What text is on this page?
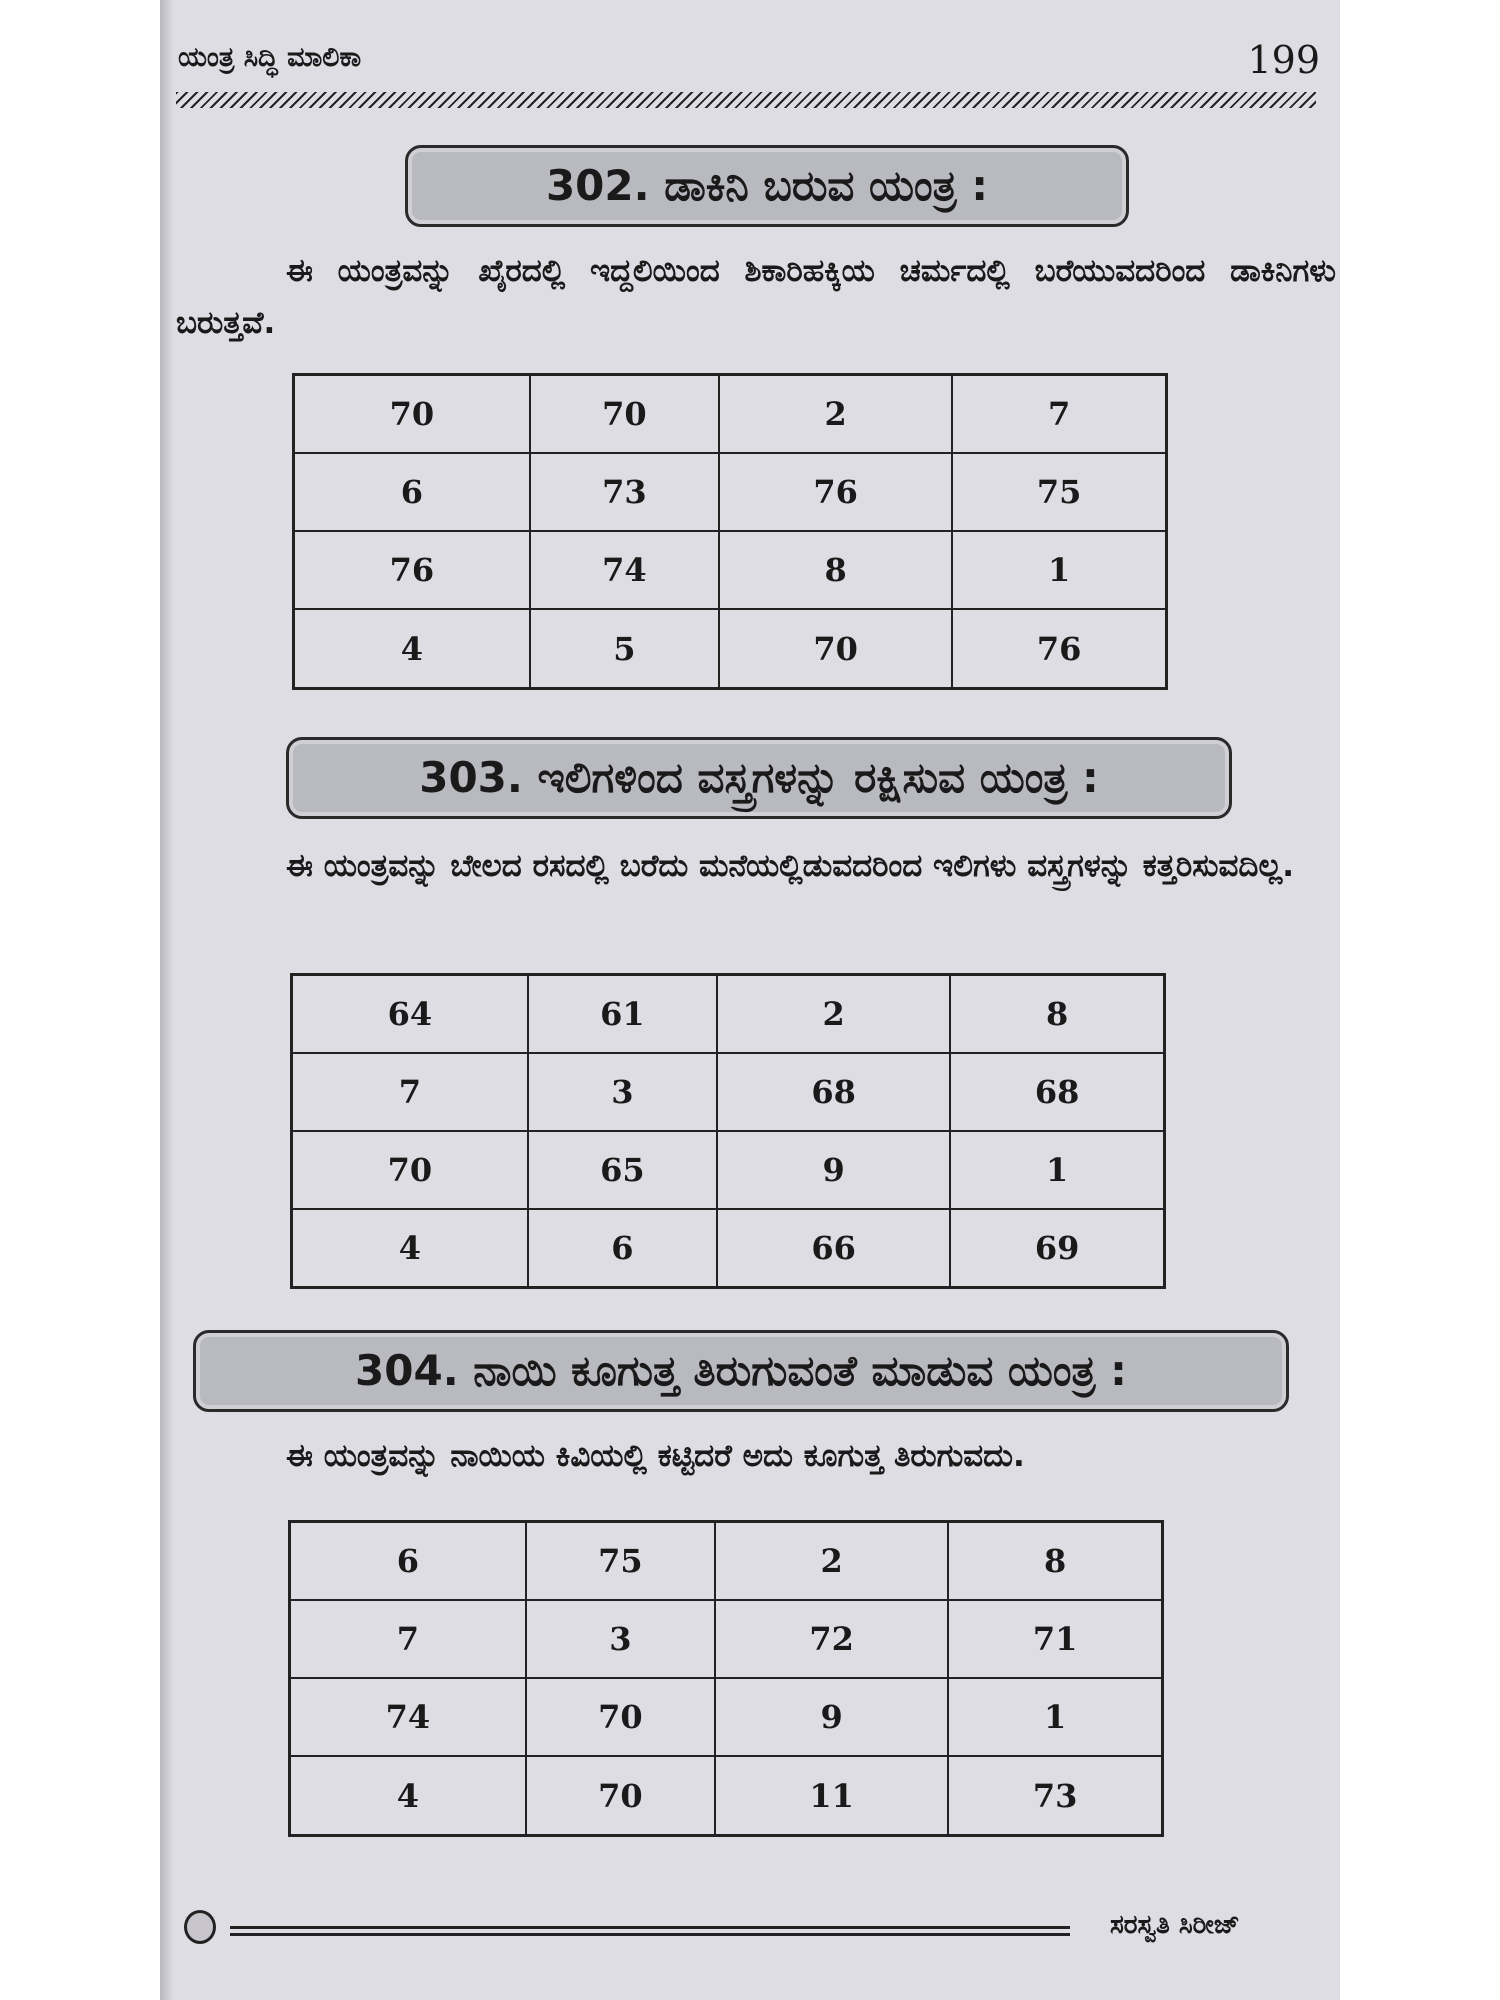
ಯಂತ್ರ ಸಿದ್ಧಿ ಮಾಲಿಕಾ	199
302. ಡಾಕಿನಿ ಬರುವ ಯಂತ್ರ :
ಈ ಯಂತ್ರವನ್ನು ಖೈರದಲ್ಲಿ ಇದ್ದಲಿಯಿಂದ ಶಿಕಾರಿಹಕ್ಕಿಯ ಚರ್ಮದಲ್ಲಿ ಬರೆಯುವದರಿಂದ ಡಾಕಿನಿಗಳು ಬರುತ್ತವೆ.
70	70	2	7
6	73	76	75
76	74	8	1
4	5	70	76
303. ಇಲಿಗಳಿಂದ ವಸ್ತ್ರಗಳನ್ನು ರಕ್ಷಿಸುವ ಯಂತ್ರ :
ಈ ಯಂತ್ರವನ್ನು ಬೇಲದ ರಸದಲ್ಲಿ ಬರೆದು ಮನೆಯಲ್ಲಿಡುವದರಿಂದ ಇಲಿಗಳು ವಸ್ತ್ರಗಳನ್ನು ಕತ್ತರಿಸುವದಿಲ್ಲ.
64	61	2	8
7	3	68	68
70	65	9	1
4	6	66	69
304. ನಾಯಿ ಕೂಗುತ್ತ ತಿರುಗುವಂತೆ ಮಾಡುವ ಯಂತ್ರ :
ಈ ಯಂತ್ರವನ್ನು ನಾಯಿಯ ಕಿವಿಯಲ್ಲಿ ಕಟ್ಟಿದರೆ ಅದು ಕೂಗುತ್ತ ತಿರುಗುವದು.
6	75	2	8
7	3	72	71
74	70	9	1
4	70	11	73
ಸರಸ್ವತಿ ಸಿರೀಜ್
